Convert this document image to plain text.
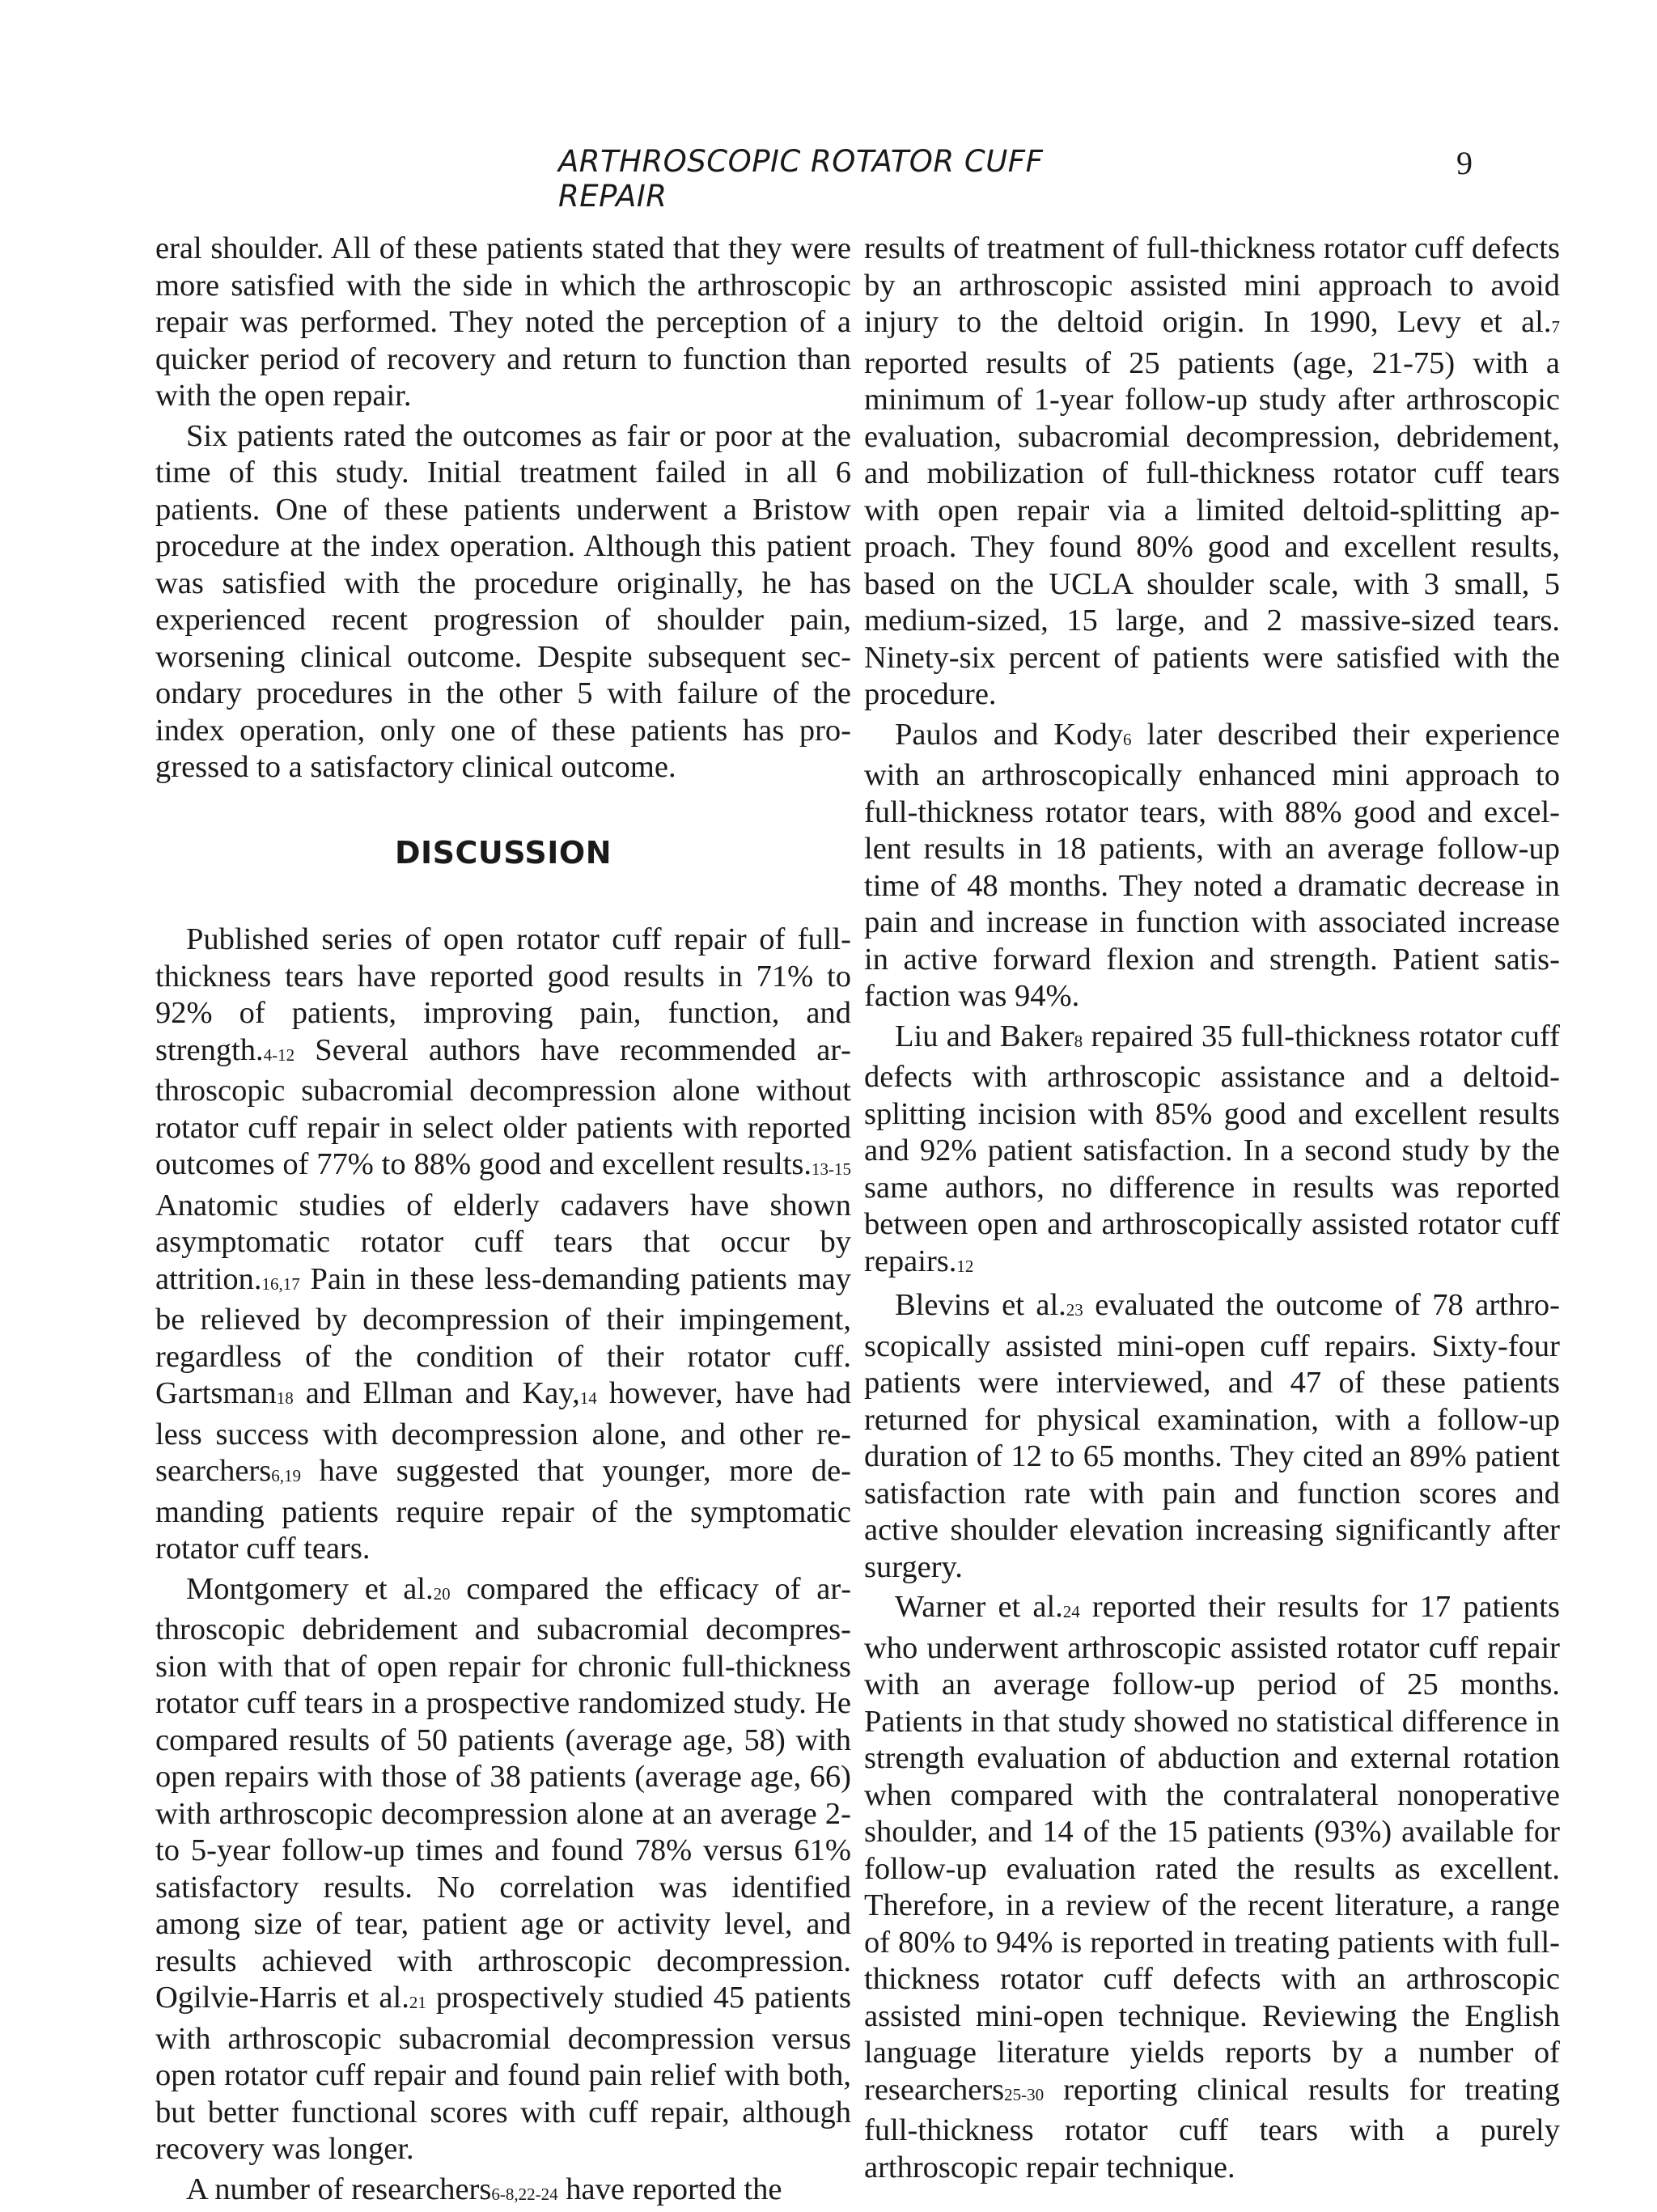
ARTHROSCOPIC ROTATOR CUFF REPAIR
9

eral shoulder. All of these patients stated that they were more satisfied with the side in which the arthroscopic repair was performed. They noted the perception of a quicker period of recovery and return to function than with the open repair.

Six patients rated the outcomes as fair or poor at the time of this study. Initial treatment failed in all 6 patients. One of these patients underwent a Bristow procedure at the index operation. Although this patient was satisfied with the procedure originally, he has experienced recent progression of shoulder pain, worsening clinical outcome. Despite subsequent secondary procedures in the other 5 with failure of the index operation, only one of these patients has progressed to a satisfactory clinical outcome.

DISCUSSION

Published series of open rotator cuff repair of full-thickness tears have reported good results in 71% to 92% of patients, improving pain, function, and $strength._{4-12}$ Several authors have recommended arthroscopic subacromial decompression alone without rotator cuff repair in select older patients with reported outcomes of 77% to 88% good and excellent $results._{13-15}$ Anatomic studies of elderly cadavers have shown asymptomatic rotator cuff tears that occur by $attrition._{16,17}$ Pain in these less-demanding patients may be relieved by decompression of their impingement, regardless of the condition of their rotator cuff. Gartsman$_{18}$ and Ellman and $Kay,_{14}$ however, have had less success with decompression alone, and other researchers$_{6,19}$ have suggested that younger, more demanding patients require repair of the symptomatic rotator cuff tears.

Montgomery et $al._{20}$ compared the efficacy of arthroscopic debridement and subacromial decompression with that of open repair for chronic full-thickness rotator cuff tears in a prospective randomized study. He compared results of 50 patients (average age, 58) with open repairs with those of 38 patients (average age, 66) with arthroscopic decompression alone at an average 2- to 5-year follow-up times and found 78% versus 61% satisfactory results. No correlation was identified among size of tear, patient age or activity level, and results achieved with arthroscopic decompression. Ogilvie-Harris et $al._{21}$ prospectively studied 45 patients with arthroscopic subacromial decompression versus open rotator cuff repair and found pain relief with both, but better functional scores with cuff repair, although recovery was longer.

A number of researchers$_{6-8,22-24}$ have reported the

results of treatment of full-thickness rotator cuff defects by an arthroscopic assisted mini approach to avoid injury to the deltoid origin. In 1990, Levy et $al._7$ reported results of 25 patients (age, 21-75) with a minimum of 1-year follow-up study after arthroscopic evaluation, subacromial decompression, debridement, and mobilization of full-thickness rotator cuff tears with open repair via a limited deltoid-splitting approach. They found 80% good and excellent results, based on the UCLA shoulder scale, with 3 small, 5 medium-sized, 15 large, and 2 massive-sized tears. Ninety-six percent of patients were satisfied with the procedure.

Paulos and Kody$_6$ later described their experience with an arthroscopically enhanced mini approach to full-thickness rotator tears, with 88% good and excellent results in 18 patients, with an average follow-up time of 48 months. They noted a dramatic decrease in pain and increase in function with associated increase in active forward flexion and strength. Patient satisfaction was 94%.

Liu and Baker$_8$ repaired 35 full-thickness rotator cuff defects with arthroscopic assistance and a deltoid-splitting incision with 85% good and excellent results and 92% patient satisfaction. In a second study by the same authors, no difference in results was reported between open and arthroscopically assisted rotator cuff $repairs._{12}$

Blevins et $al._{23}$ evaluated the outcome of 78 arthroscopically assisted mini-open cuff repairs. Sixty-four patients were interviewed, and 47 of these patients returned for physical examination, with a follow-up duration of 12 to 65 months. They cited an 89% patient satisfaction rate with pain and function scores and active shoulder elevation increasing significantly after surgery.

Warner et $al._{24}$ reported their results for 17 patients who underwent arthroscopic assisted rotator cuff repair with an average follow-up period of 25 months. Patients in that study showed no statistical difference in strength evaluation of abduction and external rotation when compared with the contralateral nonoperative shoulder, and 14 of the 15 patients (93%) available for follow-up evaluation rated the results as excellent. Therefore, in a review of the recent literature, a range of 80% to 94% is reported in treating patients with full-thickness rotator cuff defects with an arthroscopic assisted mini-open technique. Reviewing the English language literature yields reports by a number of researchers$_{25-30}$ reporting clinical results for treating full-thickness rotator cuff tears with a purely arthroscopic repair technique.
